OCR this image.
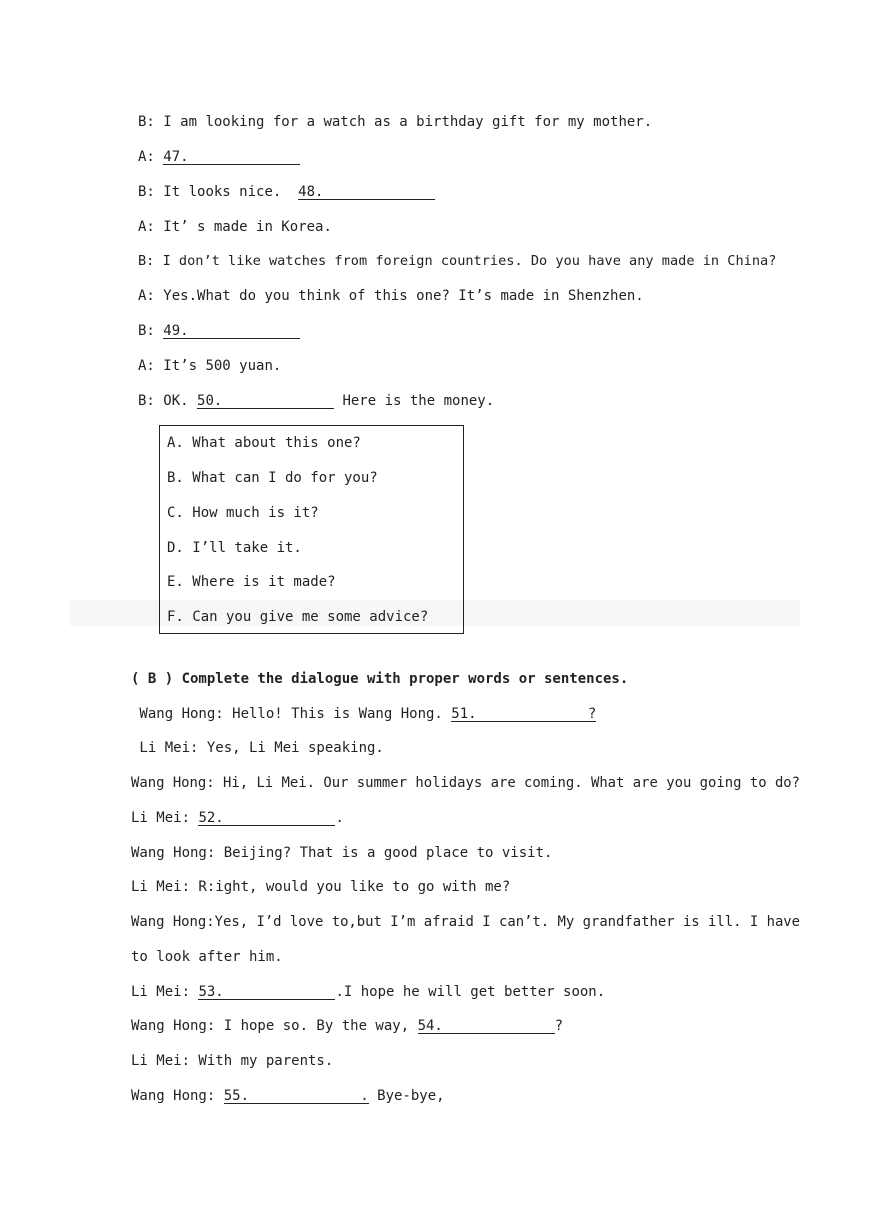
B: I am looking for a watch as a birthday gift for my mother.
A: 47.
B: It looks nice.  48.
A: It’ s made in Korea.
B: I don’t like watches from foreign countries. Do you have any made in China?
A: Yes.What do you think of this one? It’s made in Shenzhen.
B: 49.
A: It’s 500 yuan.
B: OK. 50.	Here is the money.
A. What about this one?
B. What can I do for you?
C. How much is it?
D. I’ll take it.
E. Where is it made?
F. Can you give me some advice?
( B ) Complete the dialogue with proper words or sentences.
Wang Hong: Hello! This is Wang Hong. 51.	?
Li Mei: Yes, Li Mei speaking.
Wang Hong: Hi, Li Mei. Our summer holidays are coming. What are you going to do?
Li Mei: 52.	.
Wang Hong: Beijing? That is a good place to visit.
Li Mei: R:ight, would you like to go with me?
Wang Hong:Yes, I’d love to,but I’m afraid I can’t. My grandfather is ill. I have
to look after him.
Li Mei: 53.	.I hope he will get better soon.
Wang Hong: I hope so. By the way, 54.	?
Li Mei: With my parents.
Wang Hong: 55.	. Bye-bye,
